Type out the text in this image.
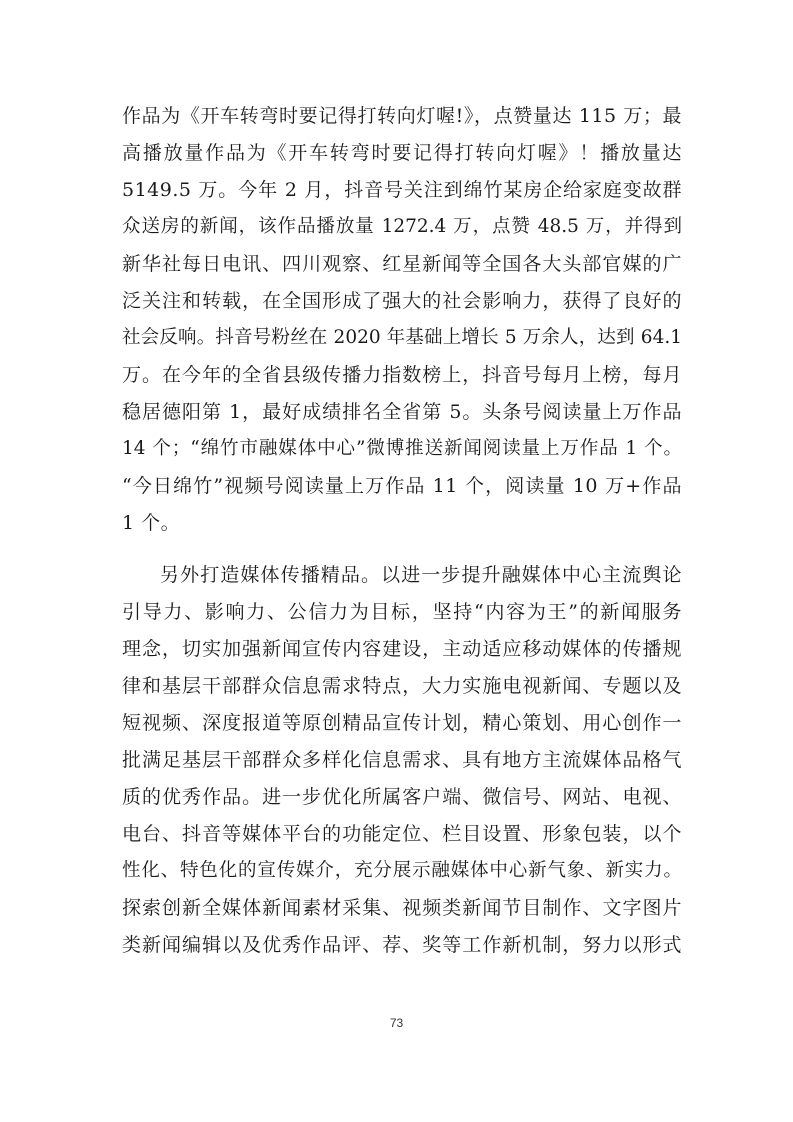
作品为《开车转弯时要记得打转向灯喔!》，点赞量达 115 万；最
高播放量作品为《开车转弯时要记得打转向灯喔》！播放量达
5149.5 万。今年 2 月，抖音号关注到绵竹某房企给家庭变故群
众送房的新闻，该作品播放量 1272.4 万，点赞 48.5 万，并得到
新华社每日电讯、四川观察、红星新闻等全国各大头部官媒的广
泛关注和转载，在全国形成了强大的社会影响力，获得了良好的
社会反响。抖音号粉丝在 2020 年基础上增长 5 万余人，达到 64.1
万。在今年的全省县级传播力指数榜上，抖音号每月上榜，每月
稳居德阳第 1，最好成绩排名全省第 5。头条号阅读量上万作品
14 个；“绵竹市融媒体中心”微博推送新闻阅读量上万作品 1 个。
“今日绵竹”视频号阅读量上万作品 11 个，阅读量 10 万+作品
1 个。
另外打造媒体传播精品。以进一步提升融媒体中心主流舆论
引导力、影响力、公信力为目标，坚持“内容为王”的新闻服务
理念，切实加强新闻宣传内容建设，主动适应移动媒体的传播规
律和基层干部群众信息需求特点，大力实施电视新闻、专题以及
短视频、深度报道等原创精品宣传计划，精心策划、用心创作一
批满足基层干部群众多样化信息需求、具有地方主流媒体品格气
质的优秀作品。进一步优化所属客户端、微信号、网站、电视、
电台、抖音等媒体平台的功能定位、栏目设置、形象包装，以个
性化、特色化的宣传媒介，充分展示融媒体中心新气象、新实力。
探索创新全媒体新闻素材采集、视频类新闻节目制作、文字图片
类新闻编辑以及优秀作品评、荐、奖等工作新机制，努力以形式
73
